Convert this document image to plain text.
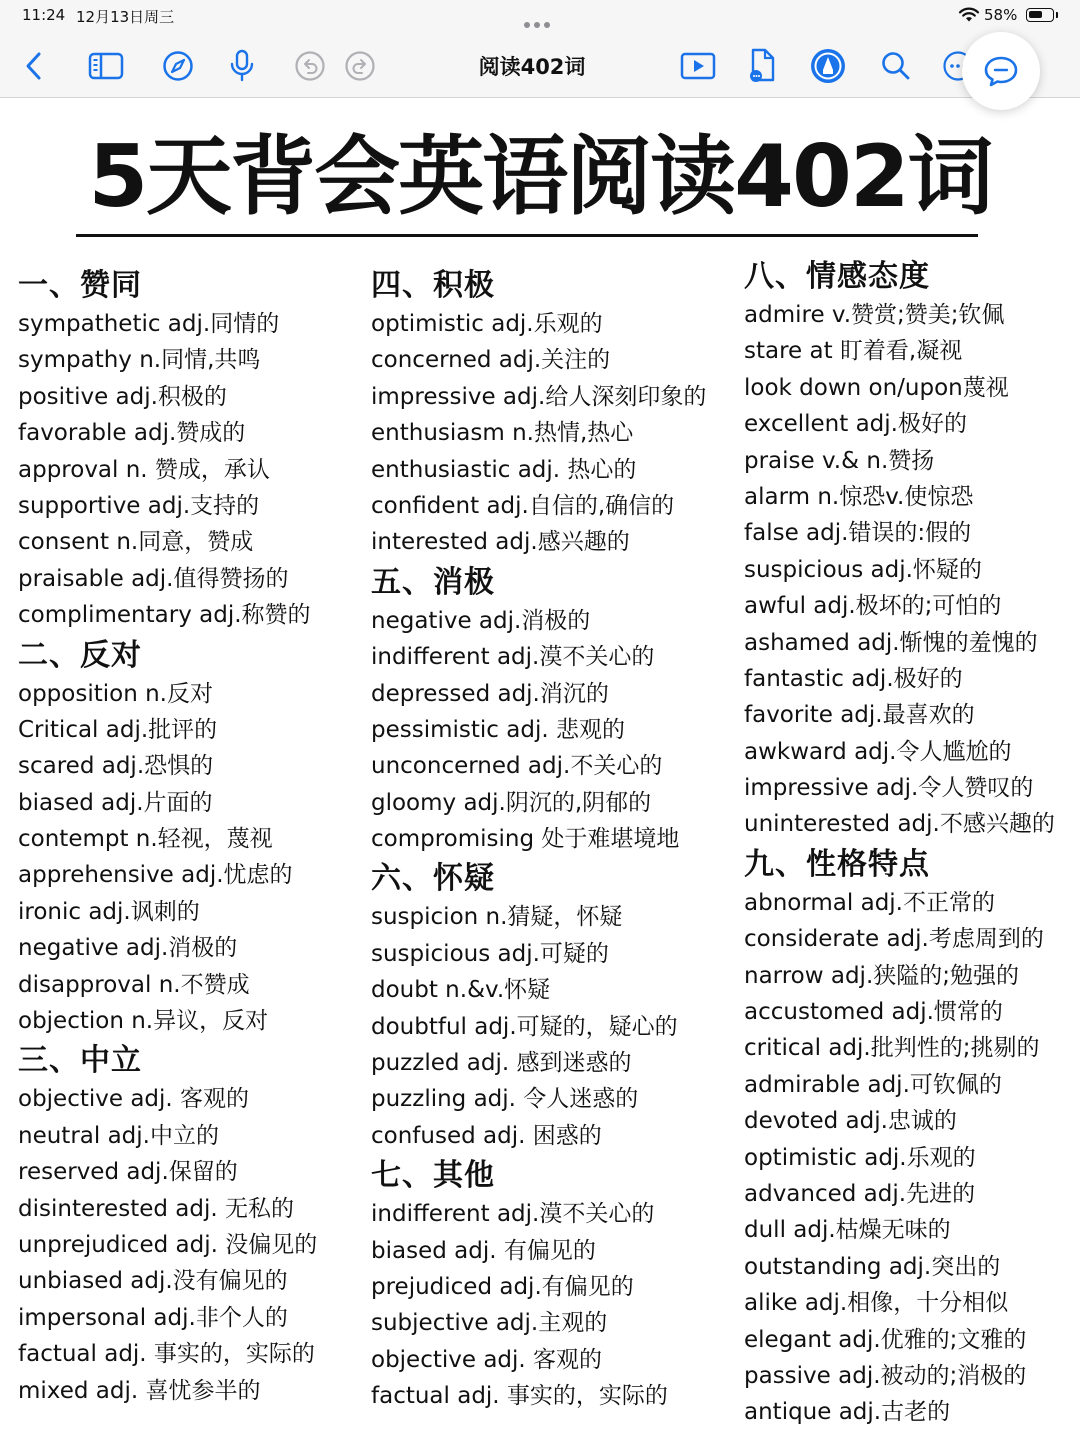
11:24 12月13日周三	58%
阅读402词
5天背会英语阅读402词
一、赞同
sympathetic adj.同情的
sympathy n.同情,共鸣
positive adj.积极的
favorable adj.赞成的
approval n. 赞成，承认
supportive adj.支持的
consent n.同意，赞成
praisable adj.值得赞扬的
complimentary adj.称赞的
二、反对
opposition n.反对
Critical adj.批评的
scared adj.恐惧的
biased adj.片面的
contempt n.轻视，蔑视
apprehensive adj.忧虑的
ironic adj.讽刺的
negative adj.消极的
disapproval n.不赞成
objection n.异议，反对
三、中立
objective adj. 客观的
neutral adj.中立的
reserved adj.保留的
disinterested adj. 无私的
unprejudiced adj. 没偏见的
unbiased adj.没有偏见的
impersonal adj.非个人的
factual adj. 事实的，实际的
mixed adj. 喜忧参半的
四、积极
optimistic adj.乐观的
concerned adj.关注的
impressive adj.给人深刻印象的
enthusiasm n.热情,热心
enthusiastic adj. 热心的
confident adj.自信的,确信的
interested adj.感兴趣的
五、消极
negative adj.消极的
indifferent adj.漠不关心的
depressed adj.消沉的
pessimistic adj. 悲观的
unconcerned adj.不关心的
gloomy adj.阴沉的,阴郁的
compromising 处于难堪境地
六、怀疑
suspicion n.猜疑，怀疑
suspicious adj.可疑的
doubt n.&v.怀疑
doubtful adj.可疑的，疑心的
puzzled adj. 感到迷惑的
puzzling adj. 令人迷惑的
confused adj. 困惑的
七、其他
indifferent adj.漠不关心的
biased adj. 有偏见的
prejudiced adj.有偏见的
subjective adj.主观的
objective adj. 客观的
factual adj. 事实的，实际的
八、情感态度
admire v.赞赏;赞美;钦佩
stare at 盯着看,凝视
look down on/upon蔑视
excellent adj.极好的
praise v.& n.赞扬
alarm n.惊恐v.使惊恐
false adj.错误的:假的
suspicious adj.怀疑的
awful adj.极坏的;可怕的
ashamed adj.惭愧的羞愧的
fantastic adj.极好的
favorite adj.最喜欢的
awkward adj.令人尴尬的
impressive adj.令人赞叹的
uninterested adj.不感兴趣的
九、性格特点
abnormal adj.不正常的
considerate adj.考虑周到的
narrow adj.狭隘的;勉强的
accustomed adj.惯常的
critical adj.批判性的;挑剔的
admirable adj.可钦佩的
devoted adj.忠诚的
optimistic adj.乐观的
advanced adj.先进的
dull adj.枯燥无味的
outstanding adj.突出的
alike adj.相像，十分相似
elegant adj.优雅的;文雅的
passive adj.被动的;消极的
antique adj.古老的
